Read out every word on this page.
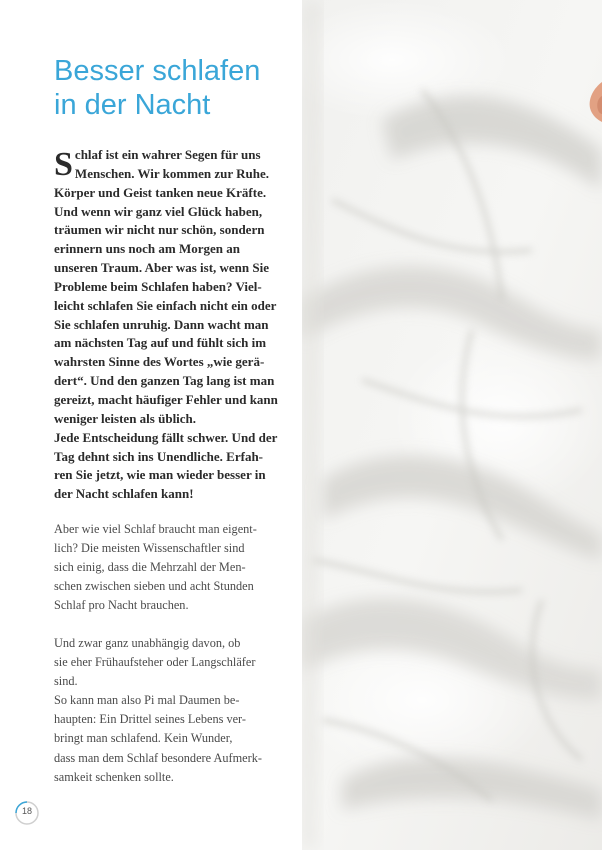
Besser schlafen
in der Nacht
S chlaf ist ein wahrer Segen für uns
Menschen. Wir kommen zur Ruhe.
Körper und Geist tanken neue Kräfte.
Und wenn wir ganz viel Glück haben,
träumen wir nicht nur schön, sondern
erinnern uns noch am Morgen an
unseren Traum. Aber was ist, wenn Sie
Probleme beim Schlafen haben? Viel-
leicht schlafen Sie einfach nicht ein oder
Sie schlafen unruhig. Dann wacht man
am nächsten Tag auf und fühlt sich im
wahrsten Sinne des Wortes „wie gerä-
dert“. Und den ganzen Tag lang ist man
gereizt, macht häufiger Fehler und kann
weniger leisten als üblich.
Jede Entscheidung fällt schwer. Und der
Tag dehnt sich ins Unendliche. Erfah-
ren Sie jetzt, wie man wieder besser in
der Nacht schlafen kann!
Aber wie viel Schlaf braucht man eigent-
lich? Die meisten Wissenschaftler sind
sich einig, dass die Mehrzahl der Men-
schen zwischen sieben und acht Stunden
Schlaf pro Nacht brauchen.
Und zwar ganz unabhängig davon, ob
sie eher Frühaufsteher oder Langschläfer
sind.
So kann man also Pi mal Daumen be-
haupten: Ein Drittel seines Lebens ver-
bringt man schlafend. Kein Wunder,
dass man dem Schlaf besondere Aufmerk-
samkeit schenken sollte.
18
